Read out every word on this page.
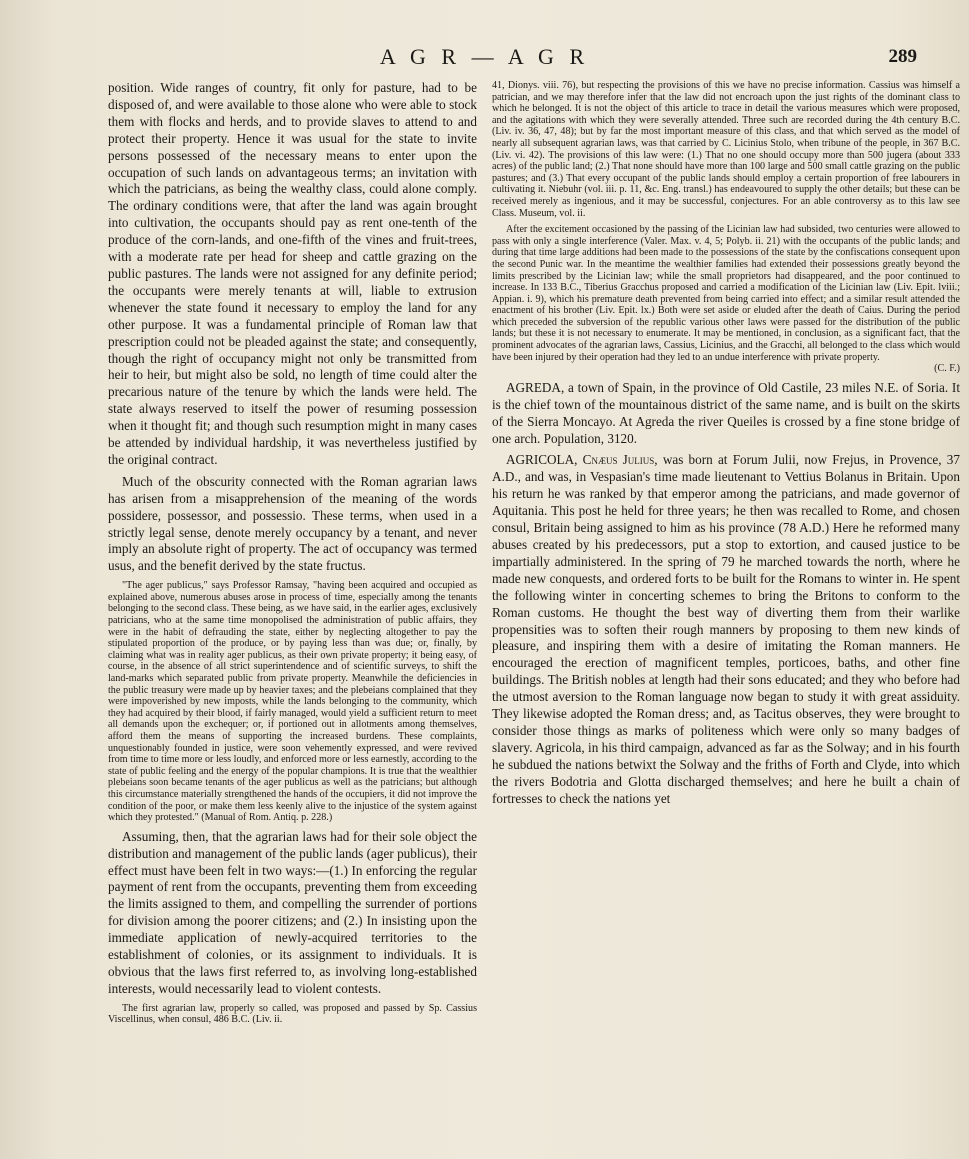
A G R — A G R	289

position. Wide ranges of country, fit only for pasture, had to be disposed of, and were available to those alone who were able to stock them with flocks and herds, and to provide slaves to attend to and protect their property. Hence it was usual for the state to invite persons possessed of the necessary means to enter upon the occupation of such lands on advantageous terms; an invitation with which the patricians, as being the wealthy class, could alone comply. The ordinary conditions were, that after the land was again brought into cultivation, the occupants should pay as rent one-tenth of the produce of the corn-lands, and one-fifth of the vines and fruit-trees, with a moderate rate per head for sheep and cattle grazing on the public pastures. The lands were not assigned for any definite period; the occupants were merely tenants at will, liable to extrusion whenever the state found it necessary to employ the land for any other purpose. It was a fundamental principle of Roman law that prescription could not be pleaded against the state; and consequently, though the right of occupancy might not only be transmitted from heir to heir, but might also be sold, no length of time could alter the precarious nature of the tenure by which the lands were held. The state always reserved to itself the power of resuming possession when it thought fit; and though such resumption might in many cases be attended by individual hardship, it was nevertheless justified by the original contract.

Much of the obscurity connected with the Roman agrarian laws has arisen from a misapprehension of the meaning of the words possidere, possessor, and possessio. These terms, when used in a strictly legal sense, denote merely occupancy by a tenant, and never imply an absolute right of property. The act of occupancy was termed usus, and the benefit derived by the state fructus.

"The ager publicus," says Professor Ramsay, "having been acquired and occupied as explained above, numerous abuses arose in process of time, especially among the tenants belonging to the second class. These being, as we have said, in the earlier ages, exclusively patricians, who at the same time monopolised the administration of public affairs, they were in the habit of defrauding the state, either by neglecting altogether to pay the stipulated proportion of the produce, or by paying less than was due; or, finally, by claiming what was in reality ager publicus, as their own private property; it being easy, of course, in the absence of all strict superintendence and of scientific surveys, to shift the land-marks which separated public from private property. Meanwhile the deficiencies in the public treasury were made up by heavier taxes; and the plebeians complained that they were impoverished by new imposts, while the lands belonging to the community, which they had acquired by their blood, if fairly managed, would yield a sufficient return to meet all demands upon the exchequer; or, if portioned out in allotments among themselves, afford them the means of supporting the increased burdens. These complaints, unquestionably founded in justice, were soon vehemently expressed, and were revived from time to time more or less loudly, and enforced more or less earnestly, according to the state of public feeling and the energy of the popular champions. It is true that the wealthier plebeians soon became tenants of the ager publicus as well as the patricians; but although this circumstance materially strengthened the hands of the occupiers, it did not improve the condition of the poor, or make them less keenly alive to the injustice of the system against which they protested." (Manual of Rom. Antiq. p. 228.)

Assuming, then, that the agrarian laws had for their sole object the distribution and management of the public lands (ager publicus), their effect must have been felt in two ways:—(1.) In enforcing the regular payment of rent from the occupants, preventing them from exceeding the limits assigned to them, and compelling the surrender of portions for division among the poorer citizens; and (2.) In insisting upon the immediate application of newly-acquired territories to the establishment of colonies, or its assignment to individuals. It is obvious that the laws first referred to, as involving long-established interests, would necessarily lead to violent contests.

The first agrarian law, properly so called, was proposed and passed by Sp. Cassius Viscellinus, when consul, 486 B.C. (Liv. ii.

41, Dionys. viii. 76), but respecting the provisions of this we have no precise information. Cassius was himself a patrician, and we may therefore infer that the law did not encroach upon the just rights of the dominant class to which he belonged. It is not the object of this article to trace in detail the various measures which were proposed, and the agitations with which they were severally attended. Three such are recorded during the 4th century B.C. (Liv. iv. 36, 47, 48); but by far the most important measure of this class, and that which served as the model of nearly all subsequent agrarian laws, was that carried by C. Licinius Stolo, when tribune of the people, in 367 B.C. (Liv. vi. 42). The provisions of this law were: (1.) That no one should occupy more than 500 jugera (about 333 acres) of the public land; (2.) That none should have more than 100 large and 500 small cattle grazing on the public pastures; and (3.) That every occupant of the public lands should employ a certain proportion of free labourers in cultivating it. Niebuhr (vol. iii. p. 11, &c. Eng. transl.) has endeavoured to supply the other details; but these can be received merely as ingenious, and it may be successful, conjectures. For an able controversy as to this law see Class. Museum, vol. ii.

After the excitement occasioned by the passing of the Licinian law had subsided, two centuries were allowed to pass with only a single interference (Valer. Max. v. 4, 5; Polyb. ii. 21) with the occupants of the public lands; and during that time large additions had been made to the possessions of the state by the confiscations consequent upon the second Punic war. In the meantime the wealthier families had extended their possessions greatly beyond the limits prescribed by the Licinian law; while the small proprietors had disappeared, and the poor continued to increase. In 133 B.C., Tiberius Gracchus proposed and carried a modification of the Licinian law (Liv. Epit. lviii.; Appian. i. 9), which his premature death prevented from being carried into effect; and a similar result attended the enactment of his brother (Liv. Epit. lx.) Both were set aside or eluded after the death of Caius. During the period which preceded the subversion of the republic various other laws were passed for the distribution of the public lands; but these it is not necessary to enumerate. It may be mentioned, in conclusion, as a significant fact, that the prominent advocates of the agrarian laws, Cassius, Licinius, and the Gracchi, all belonged to the class which would have been injured by their operation had they led to an undue interference with private property.
(C. F.)

AGREDA, a town of Spain, in the province of Old Castile, 23 miles N.E. of Soria. It is the chief town of the mountainous district of the same name, and is built on the skirts of the Sierra Moncayo. At Agreda the river Queiles is crossed by a fine stone bridge of one arch. Population, 3120.

AGRICOLA, Cnæus Julius, was born at Forum Julii, now Frejus, in Provence, 37 A.D., and was, in Vespasian's time made lieutenant to Vettius Bolanus in Britain. Upon his return he was ranked by that emperor among the patricians, and made governor of Aquitania. This post he held for three years; he then was recalled to Rome, and chosen consul, Britain being assigned to him as his province (78 A.D.) Here he reformed many abuses created by his predecessors, put a stop to extortion, and caused justice to be impartially administered. In the spring of 79 he marched towards the north, where he made new conquests, and ordered forts to be built for the Romans to winter in. He spent the following winter in concerting schemes to bring the Britons to conform to the Roman customs. He thought the best way of diverting them from their warlike propensities was to soften their rough manners by proposing to them new kinds of pleasure, and inspiring them with a desire of imitating the Roman manners. He encouraged the erection of magnificent temples, porticoes, baths, and other fine buildings. The British nobles at length had their sons educated; and they who before had the utmost aversion to the Roman language now began to study it with great assiduity. They likewise adopted the Roman dress; and, as Tacitus observes, they were brought to consider those things as marks of politeness which were only so many badges of slavery. Agricola, in his third campaign, advanced as far as the Solway; and in his fourth he subdued the nations betwixt the Solway and the friths of Forth and Clyde, into which the rivers Bodotria and Glotta discharged themselves; and here he built a chain of fortresses to check the nations yet
